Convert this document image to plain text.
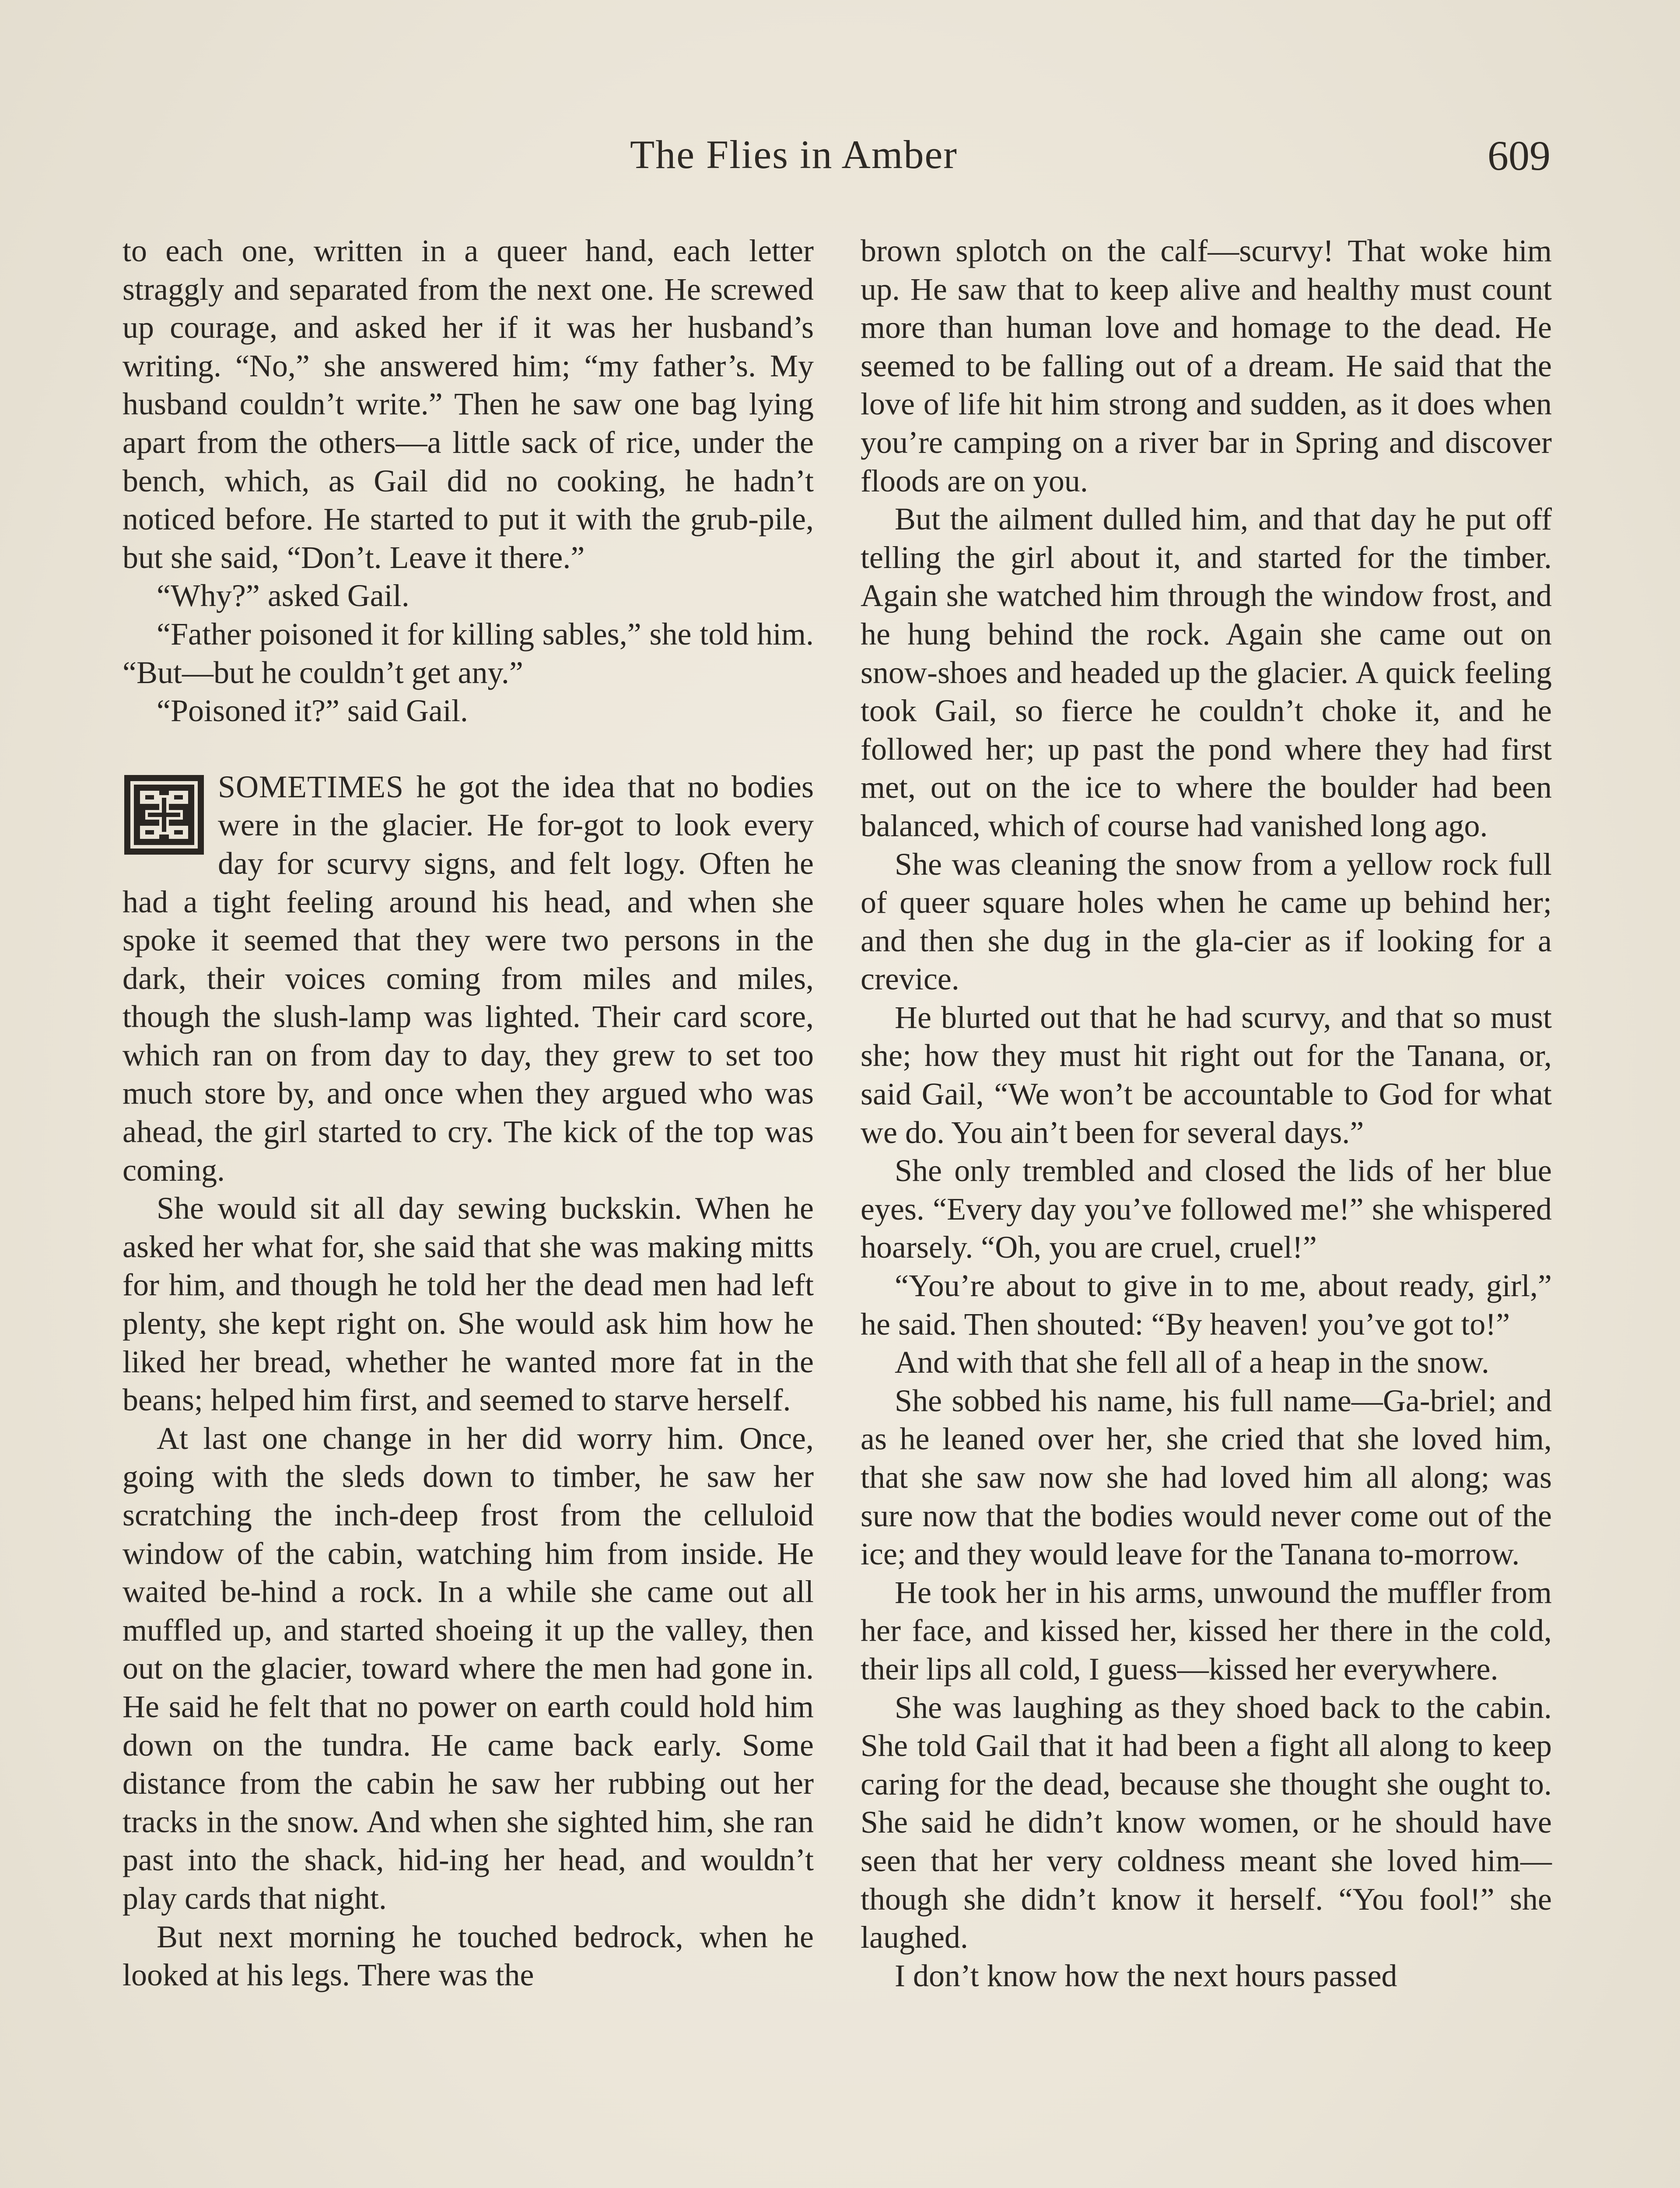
The Flies in Amber	609

to each one, written in a queer hand, each letter straggly and separated from the next one. He screwed up courage, and asked her if it was her husband’s writing. “No,” she answered him; “my father’s. My husband couldn’t write.” Then he saw one bag lying apart from the others—a little sack of rice, under the bench, which, as Gail did no cooking, he hadn’t noticed before. He started to put it with the grub-pile, but she said, “Don’t. Leave it there.”

“Why?” asked Gail.

“Father poisoned it for killing sables,” she told him. “But—but he couldn’t get any.”

“Poisoned it?” said Gail.

SOMETIMES he got the idea that no bodies were in the glacier. He for-got to look every day for scurvy signs, and felt logy. Often he had a tight feeling around his head, and when she spoke it seemed that they were two persons in the dark, their voices coming from miles and miles, though the slush-lamp was lighted. Their card score, which ran on from day to day, they grew to set too much store by, and once when they argued who was ahead, the girl started to cry. The kick of the top was coming.

She would sit all day sewing buckskin. When he asked her what for, she said that she was making mitts for him, and though he told her the dead men had left plenty, she kept right on. She would ask him how he liked her bread, whether he wanted more fat in the beans; helped him first, and seemed to starve herself.

At last one change in her did worry him. Once, going with the sleds down to timber, he saw her scratching the inch-deep frost from the celluloid window of the cabin, watching him from inside. He waited be-hind a rock. In a while she came out all muffled up, and started shoeing it up the valley, then out on the glacier, toward where the men had gone in. He said he felt that no power on earth could hold him down on the tundra. He came back early. Some distance from the cabin he saw her rubbing out her tracks in the snow. And when she sighted him, she ran past into the shack, hid-ing her head, and wouldn’t play cards that night.

But next morning he touched bedrock, when he looked at his legs. There was the

brown splotch on the calf—scurvy! That woke him up. He saw that to keep alive and healthy must count more than human love and homage to the dead. He seemed to be falling out of a dream. He said that the love of life hit him strong and sudden, as it does when you’re camping on a river bar in Spring and discover floods are on you.

But the ailment dulled him, and that day he put off telling the girl about it, and started for the timber. Again she watched him through the window frost, and he hung behind the rock. Again she came out on snow-shoes and headed up the glacier. A quick feeling took Gail, so fierce he couldn’t choke it, and he followed her; up past the pond where they had first met, out on the ice to where the boulder had been balanced, which of course had vanished long ago.

She was cleaning the snow from a yellow rock full of queer square holes when he came up behind her; and then she dug in the gla-cier as if looking for a crevice.

He blurted out that he had scurvy, and that so must she; how they must hit right out for the Tanana, or, said Gail, “We won’t be accountable to God for what we do. You ain’t been for several days.”

She only trembled and closed the lids of her blue eyes. “Every day you’ve followed me!” she whispered hoarsely. “Oh, you are cruel, cruel!”

“You’re about to give in to me, about ready, girl,” he said. Then shouted: “By heaven! you’ve got to!”

And with that she fell all of a heap in the snow.

She sobbed his name, his full name—Ga-briel; and as he leaned over her, she cried that she loved him, that she saw now she had loved him all along; was sure now that the bodies would never come out of the ice; and they would leave for the Tanana to-morrow.

He took her in his arms, unwound the muffler from her face, and kissed her, kissed her there in the cold, their lips all cold, I guess—kissed her everywhere.

She was laughing as they shoed back to the cabin. She told Gail that it had been a fight all along to keep caring for the dead, because she thought she ought to. She said he didn’t know women, or he should have seen that her very coldness meant she loved him—though she didn’t know it herself. “You fool!” she laughed.

I don’t know how the next hours passed
